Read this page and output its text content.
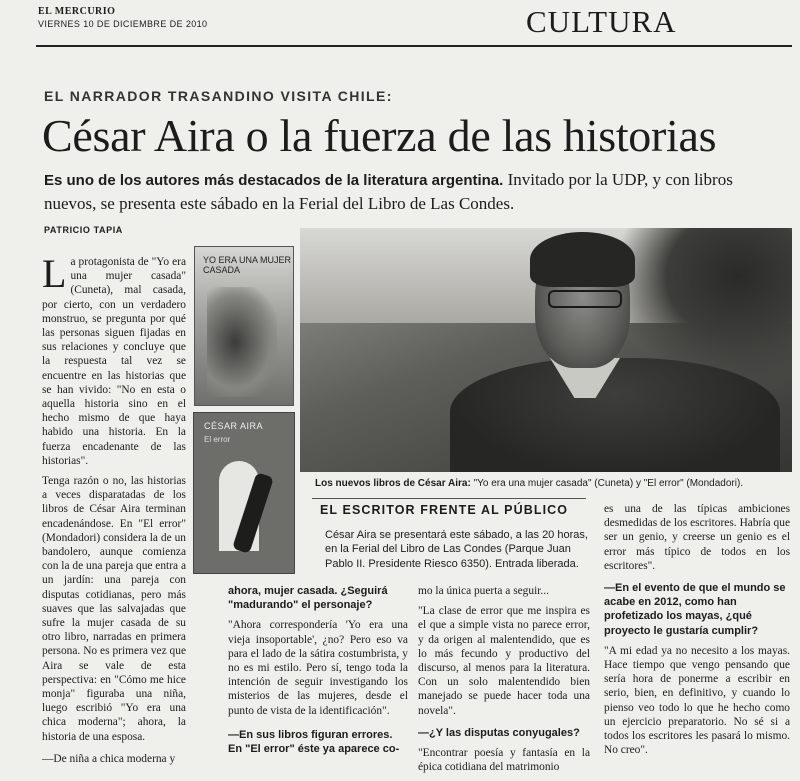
EL MERCURIO
VIERNES 10 DE DICIEMBRE DE 2010	CULTURA
EL NARRADOR TRASANDINO VISITA CHILE:
César Aira o la fuerza de las historias
Es uno de los autores más destacados de la literatura argentina. Invitado por la UDP, y con libros nuevos, se presenta este sábado en la Ferial del Libro de Las Condes.
PATRICIO TAPIA

La protagonista de "Yo era una mujer casada" (Cuneta), mal casada, por cierto, con un verdadero monstruo, se pregunta por qué las personas siguen fijadas en sus relaciones y concluye que la respuesta tal vez se encuentre en las historias que se han vivido: "No en esta o aquella historia sino en el hecho mismo de que haya habido una historia. En la fuerza encadenante de las historias".

Tenga razón o no, las historias a veces disparatadas de los libros de César Aira terminan encadenándose. En "El error" (Mondadori) considera la de un bandolero, aunque comienza con la de una pareja que entra a un jardín: una pareja con disputas cotidianas, pero más suaves que las salvajadas que sufre la mujer casada de su otro libro, narradas en primera persona. No es primera vez que Aira se vale de esta perspectiva: en "Cómo me hice monja" figuraba una niña, luego escribió "Yo era una chica moderna"; ahora, la historia de una esposa.

—De niña a chica moderna y
YO ERA UNA MUJER CASADA
CÉSAR AIRA
El error
Los nuevos libros de César Aira: "Yo era una mujer casada" (Cuneta) y "El error" (Mondadori).
EL ESCRITOR FRENTE AL PÚBLICO
César Aira se presentará este sábado, a las 20 horas, en la Ferial del Libro de Las Condes (Parque Juan Pablo II. Presidente Riesco 6350). Entrada liberada.

ahora, mujer casada. ¿Seguirá "madurando" el personaje?

"Ahora correspondería 'Yo era una vieja insoportable', ¿no? Pero eso va para el lado de la sátira costumbrista, y no es mi estilo. Pero sí, tengo toda la intención de seguir investigando los misterios de las mujeres, desde el punto de vista de la identificación".

—En sus libros figuran errores. En "El error" éste ya aparece co-

mo la única puerta a seguir...

"La clase de error que me inspira es el que a simple vista no parece error, y da origen al malentendido, que es lo más fecundo y productivo del discurso, al menos para la literatura. Con un solo malentendido bien manejado se puede hacer toda una novela".

—¿Y las disputas conyugales?

"Encontrar poesía y fantasía en la épica cotidiana del matrimonio

es una de las típicas ambiciones desmedidas de los escritores. Habría que ser un genio, y creerse un genio es el error más típico de todos en los escritores".

—En el evento de que el mundo se acabe en 2012, como han profetizado los mayas, ¿qué proyecto le gustaría cumplir?

"A mi edad ya no necesito a los mayas. Hace tiempo que vengo pensando que sería hora de ponerme a escribir en serio, bien, en definitivo, y cuando lo pienso veo todo lo que he hecho como un ejercicio preparatorio. No sé si a todos los escritores les pasará lo mismo. No creo".
